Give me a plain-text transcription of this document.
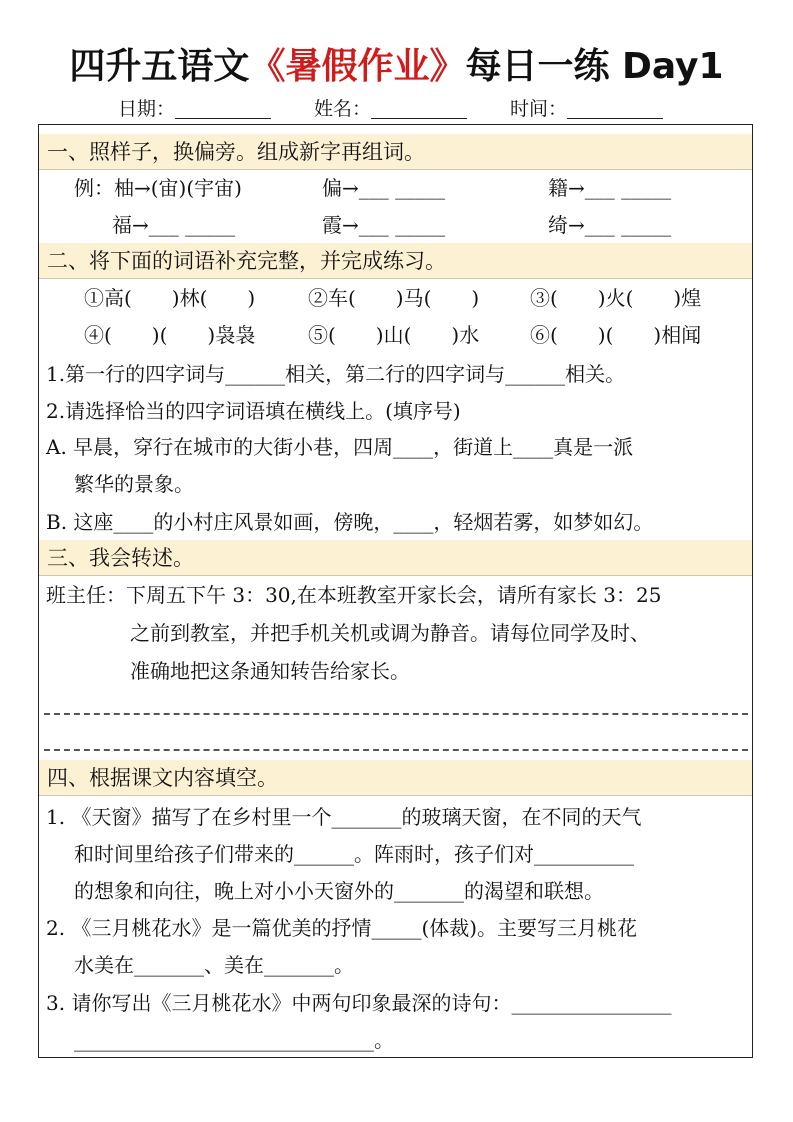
四升五语文《暑假作业》每日一练 Day1
日期：	姓名：	时间：
一、照样子，换偏旁。组成新字再组词。
例：柚→(宙)(宇宙)	偏→___ _____	籍→___ _____
福→___ _____	霞→___ _____	绮→___ _____
二、将下面的词语补充完整，并完成练习。
①高(　　)林(　　)	②车(　　)马(　　)	③(　　)火(　　)煌
④(　　)(　　)袅袅	⑤(　　)山(　　)水	⑥(　　)(　　)相闻
1.第一行的四字词与______相关，第二行的四字词与______相关。
2.请选择恰当的四字词语填在横线上。(填序号)
A. 早晨，穿行在城市的大街小巷，四周____，街道上____真是一派
繁华的景象。
B. 这座____的小村庄风景如画，傍晚，____，轻烟若雾，如梦如幻。
三、我会转述。
班主任：下周五下午 3：30,在本班教室开家长会，请所有家长 3：25
之前到教室，并把手机关机或调为静音。请每位同学及时、
准确地把这条通知转告给家长。
四、根据课文内容填空。
1. 《天窗》描写了在乡村里一个_______的玻璃天窗，在不同的天气
和时间里给孩子们带来的______。阵雨时，孩子们对__________
的想象和向往，晚上对小小天窗外的_______的渴望和联想。
2. 《三月桃花水》是一篇优美的抒情_____(体裁)。主要写三月桃花
水美在_______、美在_______。
3. 请你写出《三月桃花水》中两句印象最深的诗句：________________
______________________________。
